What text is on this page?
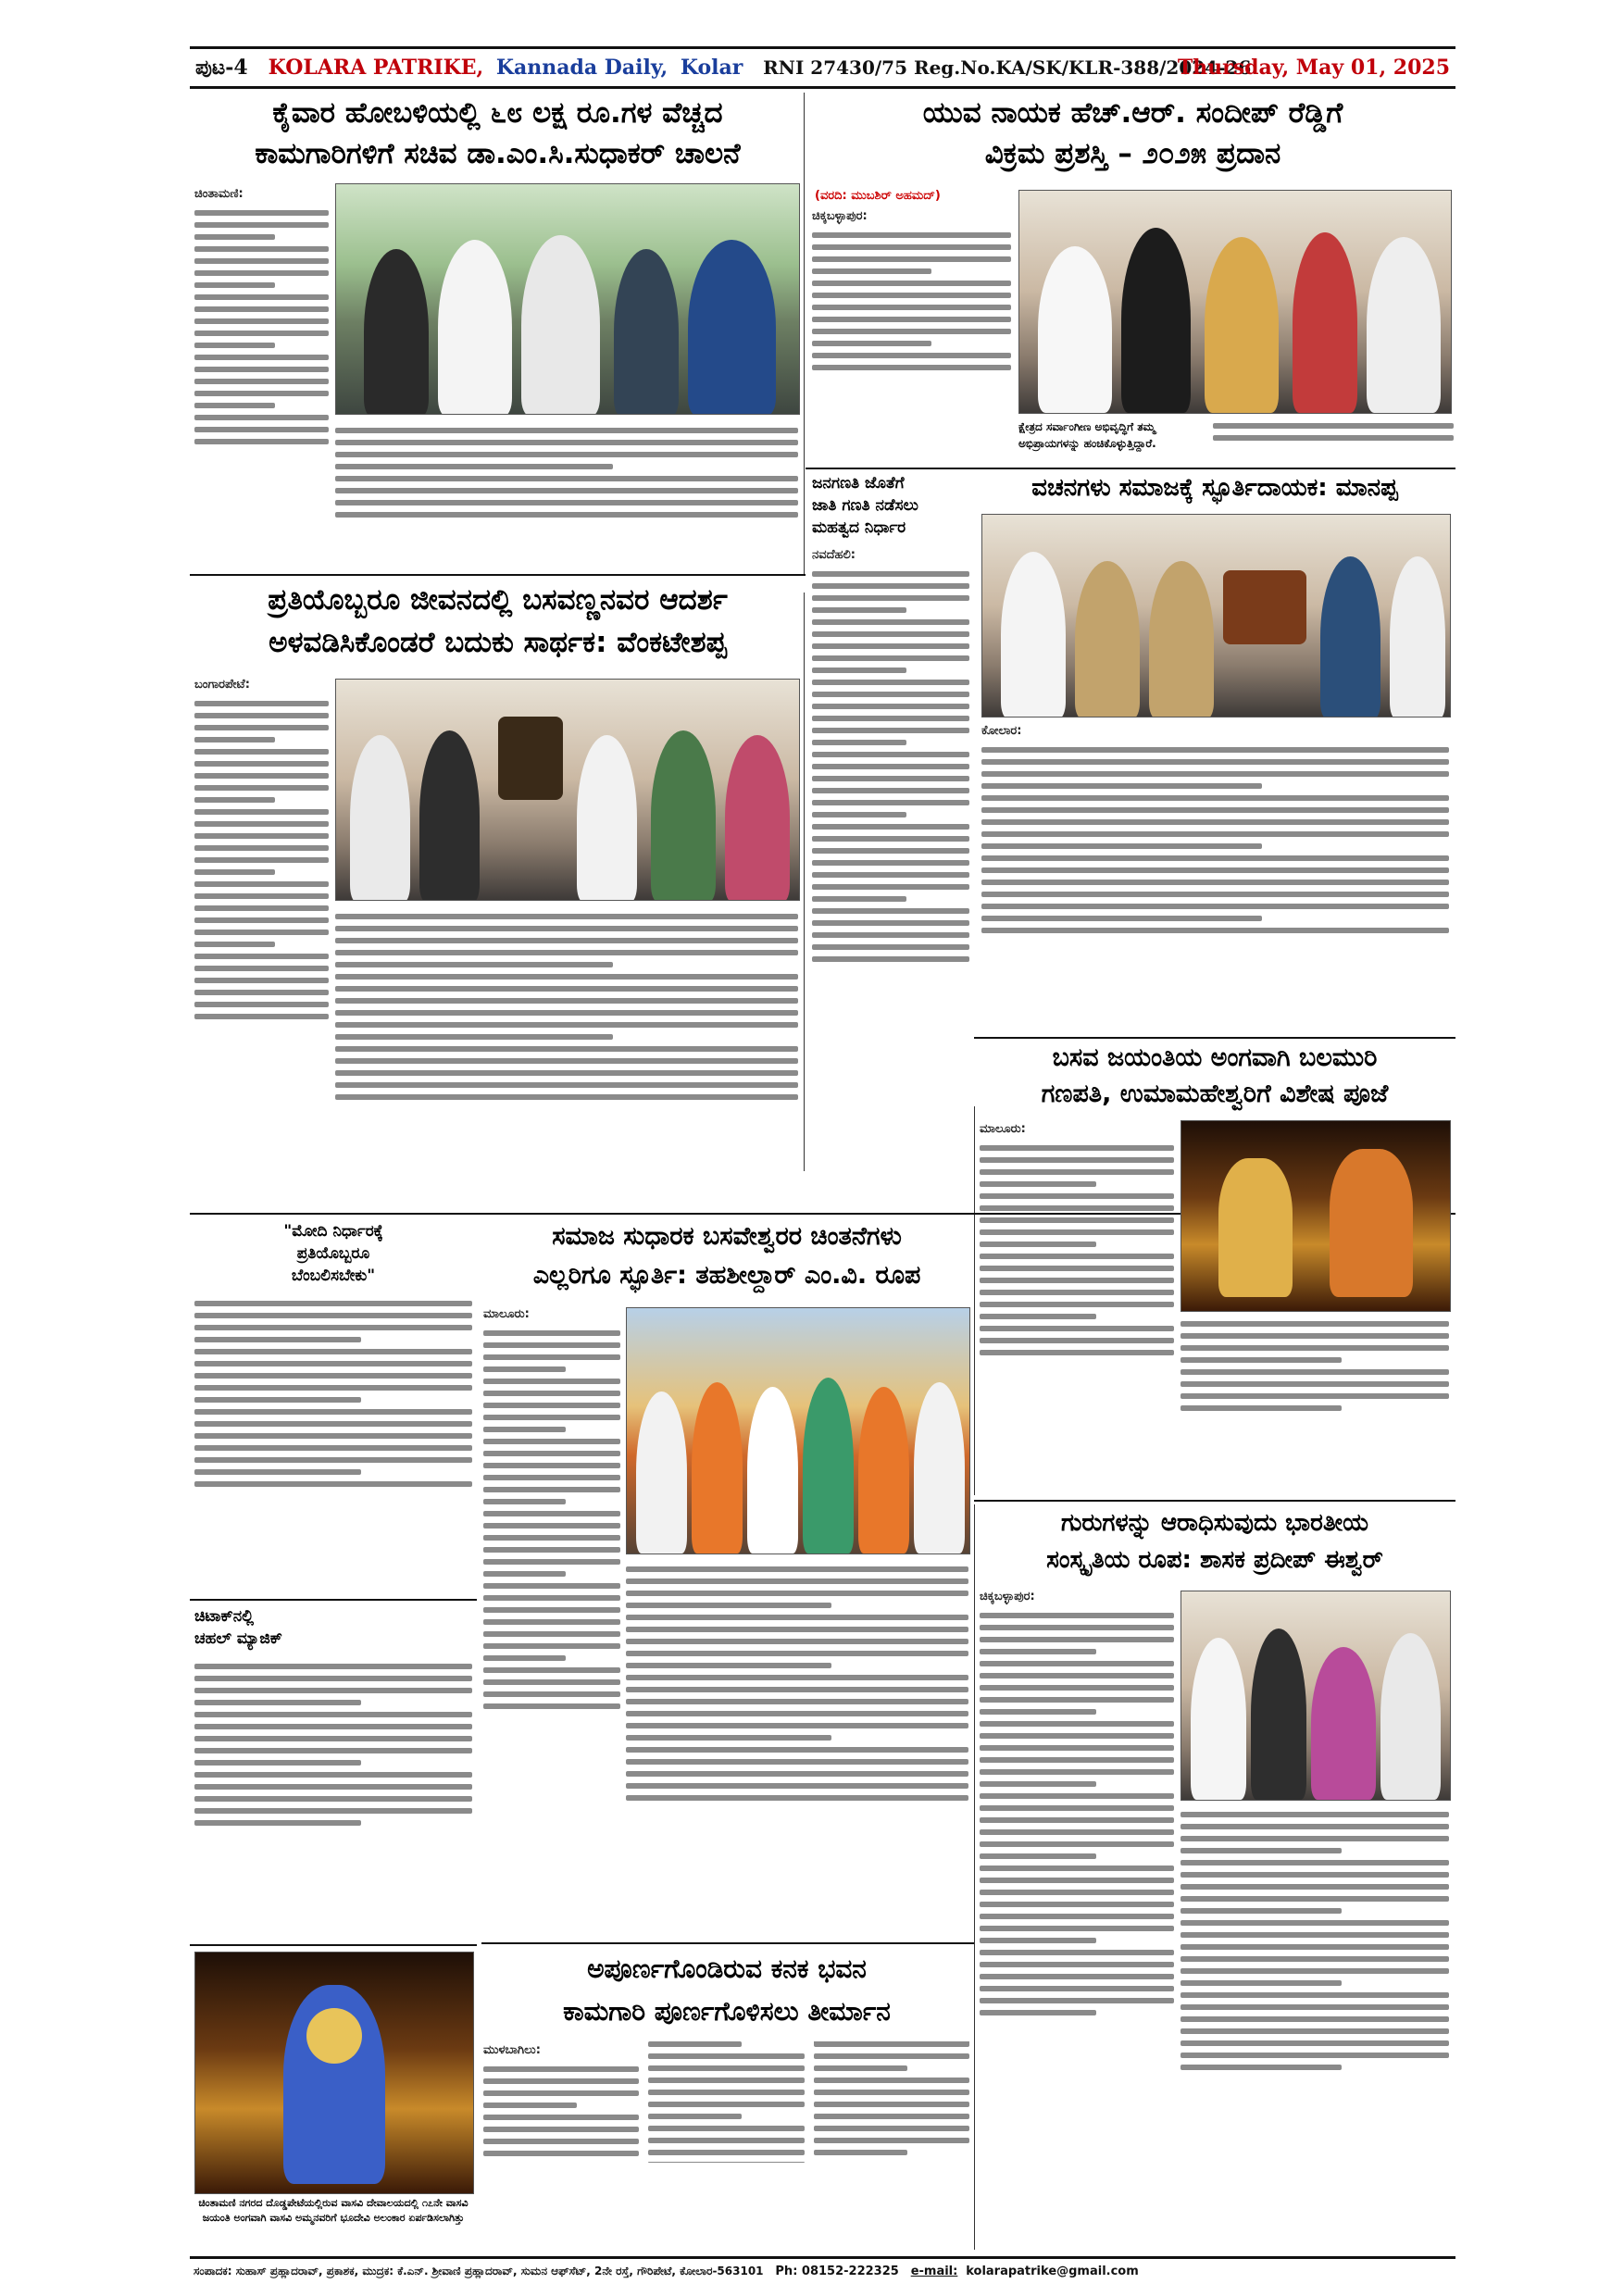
ಪುಟ-4 KOLARA PATRIKE, Kannada Daily, Kolar RNI 27430/75 Reg.No.KA/SK/KLR-388/2024-26
Thursday, May 01, 2025
ಕೈವಾರ ಹೋಬಳಿಯಲ್ಲಿ ೬೮ ಲಕ್ಷ ರೂ.ಗಳ ವೆಚ್ಚದ
ಕಾಮಗಾರಿಗಳಿಗೆ ಸಚಿವ ಡಾ.ಎಂ.ಸಿ.ಸುಧಾಕರ್ ಚಾಲನೆ
ಚಿಂತಾಮಣಿ:
ಯುವ ನಾಯಕ ಹೆಚ್.ಆರ್. ಸಂದೀಪ್ ರೆಡ್ಡಿಗೆ
ವಿಕ್ರಮ ಪ್ರಶಸ್ತಿ – ೨೦೨೫ ಪ್ರದಾನ
(ವರದಿ: ಮುಬಶಿರ್ ಅಹಮದ್)
ಚಿಕ್ಕಬಳ್ಳಾಪುರ:
ಕ್ಷೇತ್ರದ ಸರ್ವಾಂಗೀಣ ಅಭಿವೃದ್ಧಿಗೆ ತಮ್ಮ ಅಭಿಪ್ರಾಯಗಳನ್ನು ಹಂಚಿಕೊಳ್ಳುತ್ತಿದ್ದಾರೆ.
ಪ್ರತಿಯೊಬ್ಬರೂ ಜೀವನದಲ್ಲಿ ಬಸವಣ್ಣನವರ ಆದರ್ಶ
ಅಳವಡಿಸಿಕೊಂಡರೆ ಬದುಕು ಸಾರ್ಥಕ: ವೆಂಕಟೇಶಪ್ಪ
ಬಂಗಾರಪೇಟೆ:
ಜನಗಣತಿ ಜೊತೆಗೆ
ಜಾತಿ ಗಣತಿ ನಡೆಸಲು
ಮಹತ್ವದ ನಿರ್ಧಾರ
ನವದೆಹಲಿ:
ವಚನಗಳು ಸಮಾಜಕ್ಕೆ ಸ್ಫೂರ್ತಿದಾಯಕ: ಮಾನಪ್ಪ
ಕೋಲಾರ:
ಬಸವ ಜಯಂತಿಯ ಅಂಗವಾಗಿ ಬಲಮುರಿ
ಗಣಪತಿ, ಉಮಾಮಹೇಶ್ವರಿಗೆ ವಿಶೇಷ ಪೂಜೆ
ಮಾಲೂರು:
"ಮೋದಿ ನಿರ್ಧಾರಕ್ಕೆ
ಪ್ರತಿಯೊಬ್ಬರೂ
ಬೆಂಬಲಿಸಬೇಕು"
ಸಮಾಜ ಸುಧಾರಕ ಬಸವೇಶ್ವರರ ಚಿಂತನೆಗಳು
ಎಲ್ಲರಿಗೂ ಸ್ಫೂರ್ತಿ: ತಹಶೀಲ್ದಾರ್ ಎಂ.ವಿ. ರೂಪ
ಮಾಲೂರು:
ಗುರುಗಳನ್ನು ಆರಾಧಿಸುವುದು ಭಾರತೀಯ
ಸಂಸ್ಕೃತಿಯ ರೂಪ: ಶಾಸಕ ಪ್ರದೀಪ್ ಈಶ್ವರ್
ಚಿಕ್ಕಬಳ್ಳಾಪುರ:
ಚಿಟಾಕ್‌ನಲ್ಲಿ
ಚಹಲ್ ಮ್ಯಾಜಿಕ್
ಚಿಂತಾಮಣಿ ನಗರದ ದೊಡ್ಡಪೇಟೆಯಲ್ಲಿರುವ ವಾಸವಿ ದೇವಾಲಯದಲ್ಲಿ ೧೭ನೇ ವಾಸವಿ ಜಯಂತಿ ಅಂಗವಾಗಿ ವಾಸವಿ ಅಮ್ಮನವರಿಗೆ ಭೂದೇವಿ ಅಲಂಕಾರ ಏರ್ಪಡಿಸಲಾಗಿತ್ತು
ಅಪೂರ್ಣಗೊಂಡಿರುವ ಕನಕ ಭವನ
ಕಾಮಗಾರಿ ಪೂರ್ಣಗೊಳಿಸಲು ತೀರ್ಮಾನ
ಮುಳಬಾಗಿಲು:
ಸಂಪಾದಕ: ಸುಹಾಸ್ ಪ್ರಹ್ಲಾದರಾವ್, ಪ್ರಕಾಶಕ, ಮುದ್ರಕ: ಕೆ.ಎನ್. ಶ್ರೀವಾಣಿ ಪ್ರಹ್ಲಾದರಾವ್, ಸುಮನ ಆಫ್‌ಸೆಟ್, 2ನೇ ರಸ್ತೆ, ಗೌರಿಪೇಟೆ, ಕೋಲಾರ-563101 Ph: 08152-222325 e-mail: kolarapatrike@gmail.com
